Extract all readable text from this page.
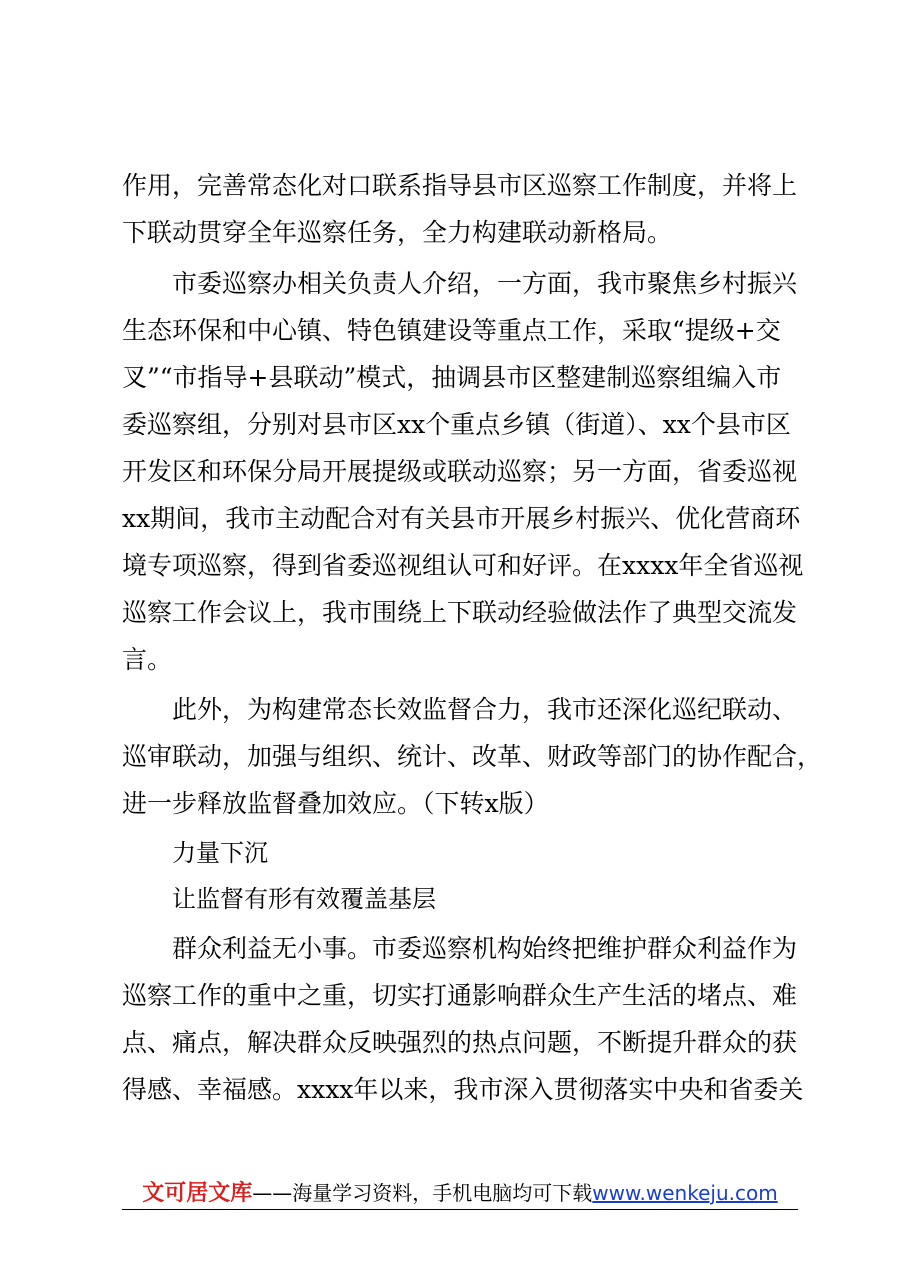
作用，完善常态化对口联系指导县市区巡察工作制度，并将上
下联动贯穿全年巡察任务，全力构建联动新格局。
市委巡察办相关负责人介绍，一方面，我市聚焦乡村振兴
生态环保和中心镇、特色镇建设等重点工作，采取“提级+交
叉”“市指导+县联动”模式，抽调县市区整建制巡察组编入市
委巡察组，分别对县市区xx个重点乡镇（街道）、xx个县市区
开发区和环保分局开展提级或联动巡察；另一方面，省委巡视
xx期间，我市主动配合对有关县市开展乡村振兴、优化营商环
境专项巡察，得到省委巡视组认可和好评。在xxxx年全省巡视
巡察工作会议上，我市围绕上下联动经验做法作了典型交流发
言。
此外，为构建常态长效监督合力，我市还深化巡纪联动、
巡审联动，加强与组织、统计、改革、财政等部门的协作配合，
进一步释放监督叠加效应。（下转x版）
力量下沉
让监督有形有效覆盖基层
群众利益无小事。市委巡察机构始终把维护群众利益作为
巡察工作的重中之重，切实打通影响群众生产生活的堵点、难
点、痛点，解决群众反映强烈的热点问题，不断提升群众的获
得感、幸福感。xxxx年以来，我市深入贯彻落实中央和省委关
文可居文库——海量学习资料，手机电脑均可下载www.wenkeju.com
